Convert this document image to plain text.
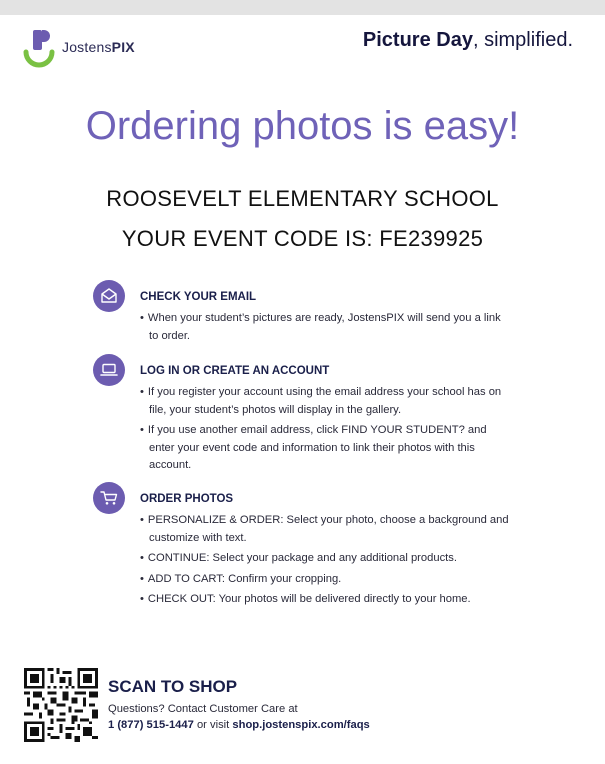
JostensPIX	Picture Day, simplified.
Ordering photos is easy!
ROOSEVELT ELEMENTARY SCHOOL
YOUR EVENT CODE IS: FE239925
CHECK YOUR EMAIL
• When your student’s pictures are ready, JostensPIX will send you a link to order.
LOG IN OR CREATE AN ACCOUNT
• If you register your account using the email address your school has on file, your student’s photos will display in the gallery.
• If you use another email address, click FIND YOUR STUDENT? and enter your event code and information to link their photos with this account.
ORDER PHOTOS
• PERSONALIZE & ORDER: Select your photo, choose a background and customize with text.
• CONTINUE: Select your package and any additional products.
• ADD TO CART: Confirm your cropping.
• CHECK OUT: Your photos will be delivered directly to your home.
SCAN TO SHOP
Questions? Contact Customer Care at
1 (877) 515-1447 or visit shop.jostenspix.com/faqs
